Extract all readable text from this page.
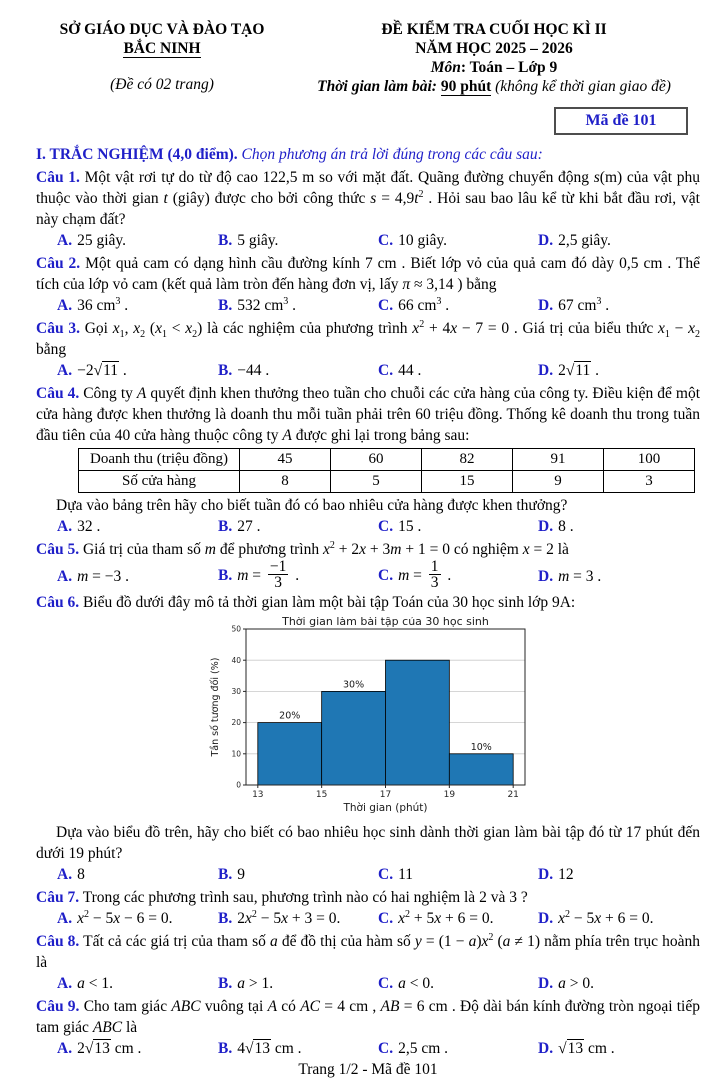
SỞ GIÁO DỤC VÀ ĐÀO TẠO
BẮC NINH
(Đề có 02 trang)
ĐỀ KIỂM TRA CUỐI HỌC KÌ II
NĂM HỌC 2025 – 2026
Môn: Toán – Lớp 9
Thời gian làm bài: 90 phút (không kể thời gian giao đề)
Mã đề 101
I. TRẮC NGHIỆM (4,0 điểm). Chọn phương án trả lời đúng trong các câu sau:

Câu 1. Một vật rơi tự do từ độ cao 122,5 m so với mặt đất. Quãng đường chuyển động s(m) của vật phụ thuộc vào thời gian t (giây) được cho bởi công thức $s = 4,9t^2$ . Hỏi sau bao lâu kể từ khi bắt đầu rơi, vật này chạm đất?

A. 25 giây.	B. 5 giây.	C. 10 giây.	D. 2,5 giây.

Câu 2. Một quả cam có dạng hình cầu đường kính 7 cm . Biết lớp vỏ của quả cam đó dày 0,5 cm . Thể tích của lớp vỏ cam (kết quả làm tròn đến hàng đơn vị, lấy π ≈ 3,14 ) bằng

A. 36 $cm^3$ .	B. 532 $cm^3$ .	C. 66 $cm^3$ .	D. 67 $cm^3$ .

Câu 3. Gọi $x_1$, $x_2$ $(x_1 < x_2)$ là các nghiệm của phương trình $x^2 + 4x - 7 = 0$ . Giá trị của biểu thức $x_1 - x_2$ bằng

A. −2 √ 11 .	B. −44 .	C. 44 .	D. 2 √ 11 .

Câu 4. Công ty A quyết định khen thưởng theo tuần cho chuỗi các cửa hàng của công ty. Điều kiện để một cửa hàng được khen thưởng là doanh thu mỗi tuần phải trên 60 triệu đồng. Thống kê doanh thu trong tuần đầu tiên của 40 cửa hàng thuộc công ty A được ghi lại trong bảng sau:

Doanh thu (triệu đồng)	45	60	82	91	100
Số cửa hàng	8	5	15	9	3

Dựa vào bảng trên hãy cho biết tuần đó có bao nhiêu cửa hàng được khen thưởng?

A. 32 .	B. 27 .	C. 15 .	D. 8 .

Câu 5. Giá trị của tham số m để phương trình $x^2 + 2x + 3m + 1 = 0$ có nghiệm x = 2 là

A. m = −3 .	B. $m = \frac{-1}{3}$ .	C. $m = \frac{1}{3}$ .	D. m = 3 .

Câu 6. Biểu đồ dưới đây mô tả thời gian làm một bài tập Toán của 30 học sinh lớp 9A:

20%
30%
10%
0
10
20
30
40
50
13	15	17	19	21
Thời gian làm bài tập của 30 học sinh
Thời gian (phút)
Tần số tương đối (%)

Dựa vào biểu đồ trên, hãy cho biết có bao nhiêu học sinh dành thời gian làm bài tập đó từ 17 phút đến dưới 19 phút?

A. 8	B. 9	C. 11	D. 12

Câu 7. Trong các phương trình sau, phương trình nào có hai nghiệm là 2 và 3 ?

A. $x^2 - 5x - 6 = 0$.	B. $2x^2 - 5x + 3 = 0$.	C. $x^2 + 5x + 6 = 0$.	D. $x^2 - 5x + 6 = 0$.

Câu 8. Tất cả các giá trị của tham số a để đồ thị của hàm số $y = (1 - a)x^2$ (a ≠ 1) nằm phía trên trục hoành là

A. a < 1.	B. a > 1.	C. a < 0.	D. a > 0.

Câu 9. Cho tam giác ABC vuông tại A có AC = 4 cm , AB = 6 cm . Độ dài bán kính đường tròn ngoại tiếp tam giác ABC là

A. 2 √ 13 cm .	B. 4 √ 13 cm .	C. 2,5 cm .	D. √ 13 cm .
Trang 1/2 - Mã đề 101
